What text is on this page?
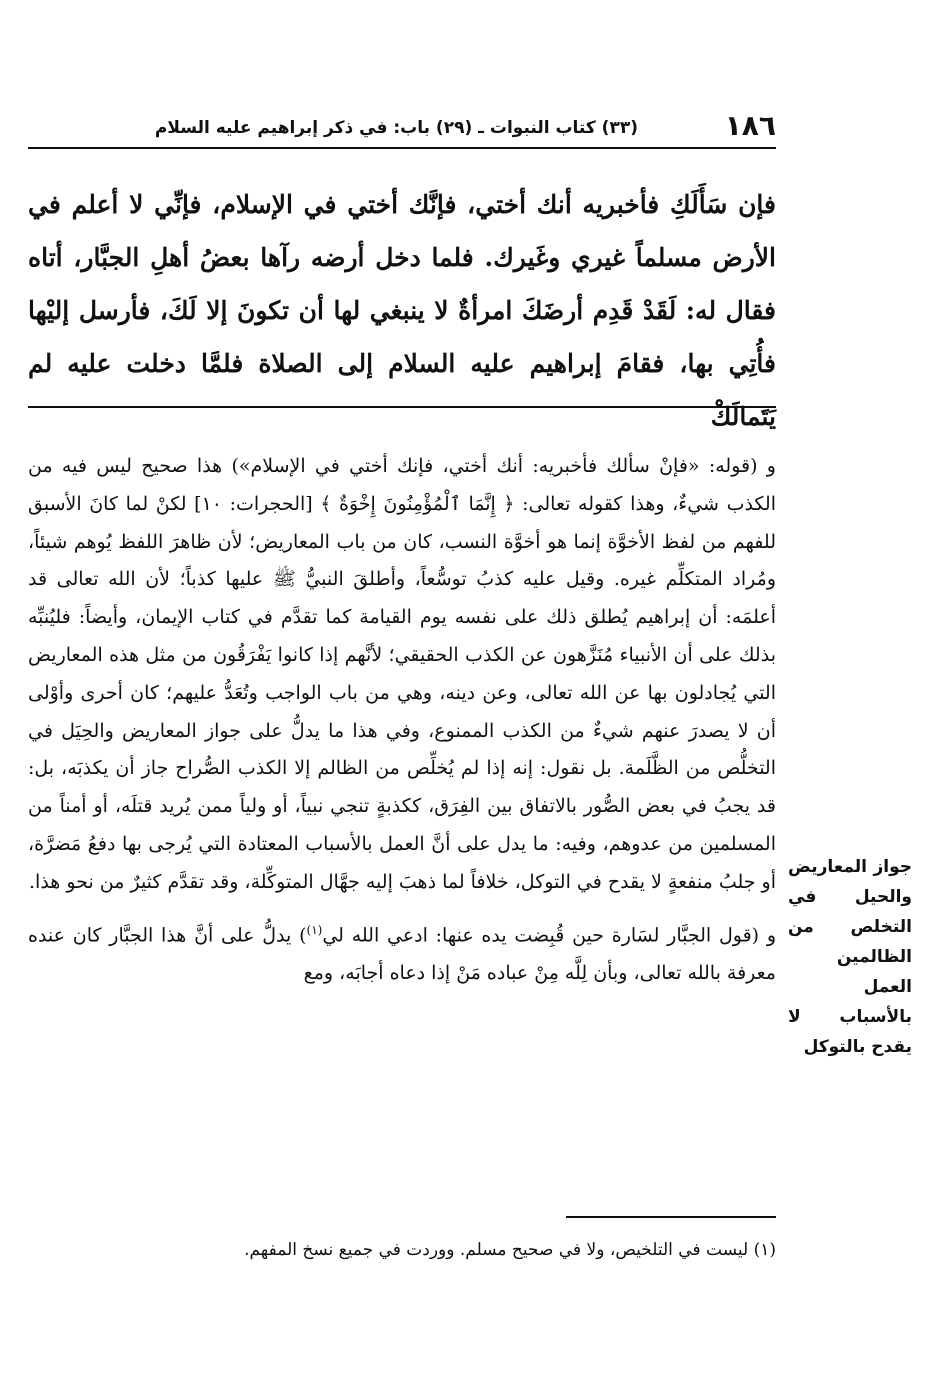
١٨٦
(٣٣) كتاب النبوات ـ (٢٩) باب: في ذكر إبراهيم عليه السلام

فإن سَأَلَكِ فأخبريه أنك أختي، فإنَّك أختي في الإسلام، فإنِّي لا أعلم في الأرض مسلماً غيري وغَيرك. فلما دخل أرضه رآها بعضُ أهلِ الجبَّار، أتاه فقال له: لَقَدْ قَدِم أرضَكَ امرأةٌ لا ينبغي لها أن تكونَ إلا لَكَ، فأرسل إليْها فأُتِي بها، فقامَ إبراهيم عليه السلام إلى الصلاة فلمَّا دخلت عليه لم يَتَمالَكْ

و (قوله: «فإنْ سألك فأخبريه: أنك أختي، فإنك أختي في الإسلام») هذا صحيح ليس فيه من الكذب شيءٌ، وهذا كقوله تعالى: ﴿ إِنَّمَا ٱلْمُؤْمِنُونَ إِخْوَةٌ ﴾ [الحجرات: ١٠] لكنْ لما كانَ الأسبق للفهم من لفظ الأخوَّة إنما هو أخوَّة النسب، كان من باب المعاريض؛ لأن ظاهرَ اللفظ يُوهم شيئاً، ومُراد المتكلِّم غيره. وقيل عليه كذبُ توسُّعاً، وأطلقَ النبيُّ ﷺ عليها كذباً؛ لأن الله تعالى قد أعلمَه: أن إبراهيم يُطلق ذلك على نفسه يوم القيامة كما تقدَّم في كتاب الإيمان، وأيضاً: فليُنبِّه بذلك على أن الأنبياء مُنَزَّهون عن الكذب الحقيقي؛ لأنَّهم إذا كانوا يَفْرَقُون من مثل هذه المعاريض التي يُجادلون بها عن الله تعالى، وعن دينه، وهي من باب الواجب وتُعَدُّ عليهم؛ كان أحرى وأوْلى أن لا يصدرَ عنهم شيءٌ من الكذب الممنوع، وفي هذا ما يدلُّ على جواز المعاريض والحِيَل في التخلُّص من الظَّلَمة. بل نقول: إنه إذا لم يُخلِّص من الظالم إلا الكذب الصُّراح جاز أن يكذبَه، بل: قد يجبُ في بعض الصُّور بالاتفاق بين الفِرَق، ككذبةٍ تنجي نبياً، أو ولياً ممن يُريد قتلَه، أو أمناً من المسلمين من عدوهم، وفيه: ما يدل على أنَّ العمل بالأسباب المعتادة التي يُرجى بها دفعُ مَضرَّة، أو جلبُ منفعةٍ لا يقدح في التوكل، خلافاً لما ذهبَ إليه جهَّال المتوكِّلة، وقد تقدَّم كثيرٌ من نحو هذا.

و (قول الجبَّار لسَارة حين قُبِضت يده عنها: ادعي الله لي$^{(١)}$) يدلُّ على أنَّ هذا الجبَّار كان عنده معرفة بالله تعالى، وبأن لِلَّه مِنْ عباده مَنْ إذا دعاه أجابَه، ومع

جواز المعاريض والحيل في التخلص من الظالمين العمل بالأسباب لا يقدح بالتوكل
(١) ليست في التلخيص، ولا في صحيح مسلم. ووردت في جميع نسخ المفهم.
